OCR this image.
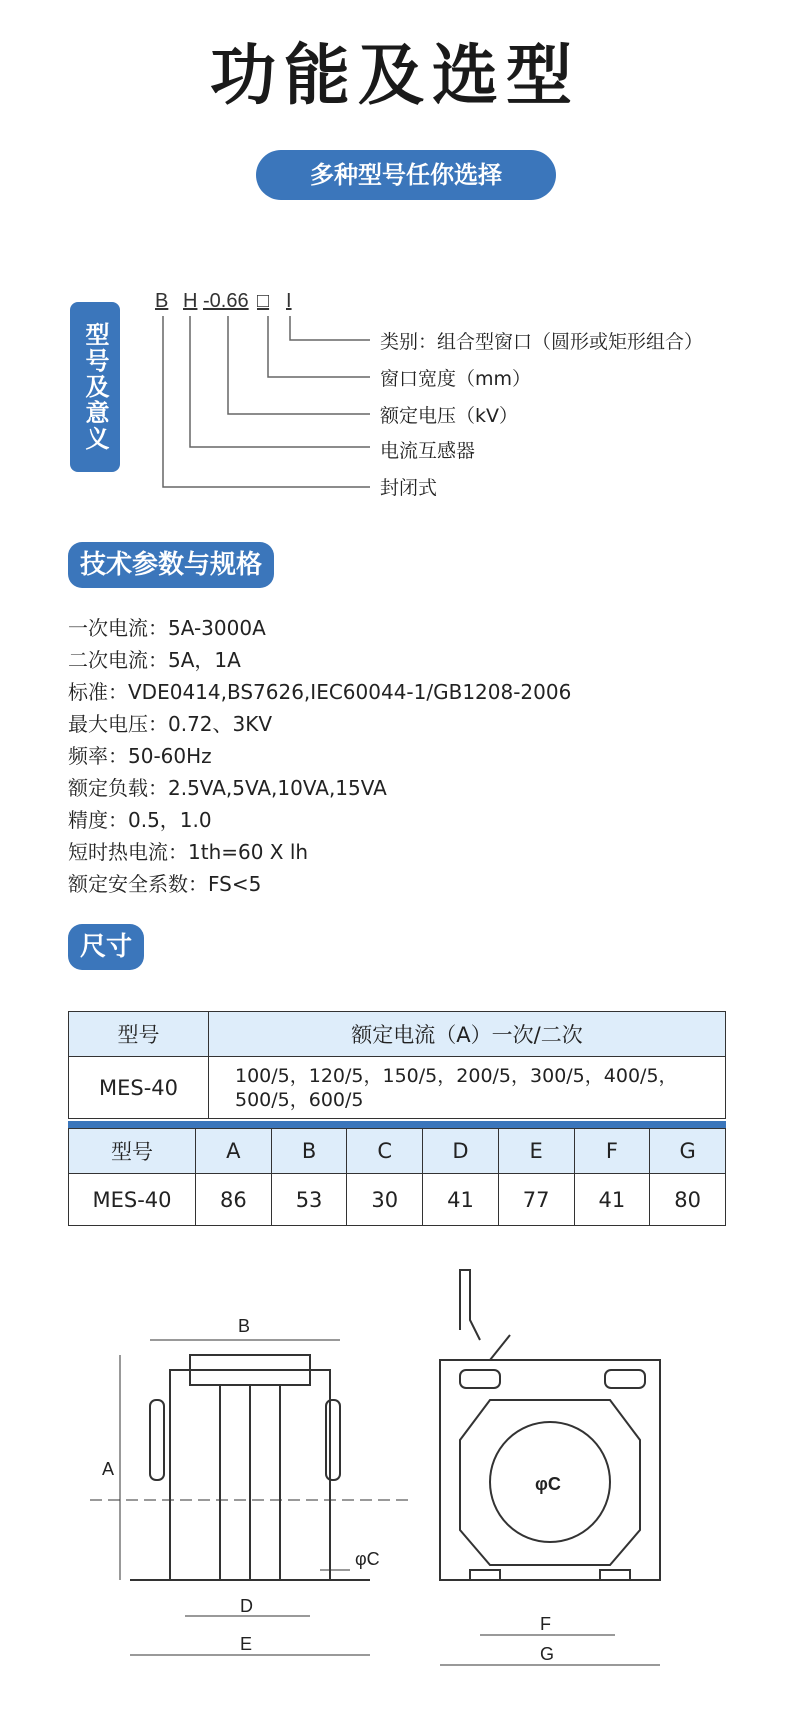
功能及选型
多种型号任你选择
型号及意义
B H -0.66 □ I
类别：组合型窗口（圆形或矩形组合）
窗口宽度（mm）
额定电压（kV）
电流互感器
封闭式
技术参数与规格
一次电流：5A-3000A
二次电流：5A，1A
标准：VDE0414,BS7626,IEC60044-1/GB1208-2006
最大电压：0.72、3KV
频率：50-60Hz
额定负载：2.5VA,5VA,10VA,15VA
精度：0.5，1.0
短时热电流：1th=60 X lh
额定安全系数：FS<5
尺寸
型号	额定电流（A）一次/二次
MES-40	100/5，120/5，150/5，200/5，300/5，400/5，500/5，600/5
型号	A	B	C	D	E	F	G
MES-40	86	53	30	41	77	41	80
B
A
φC
D
E
F
G
φC
